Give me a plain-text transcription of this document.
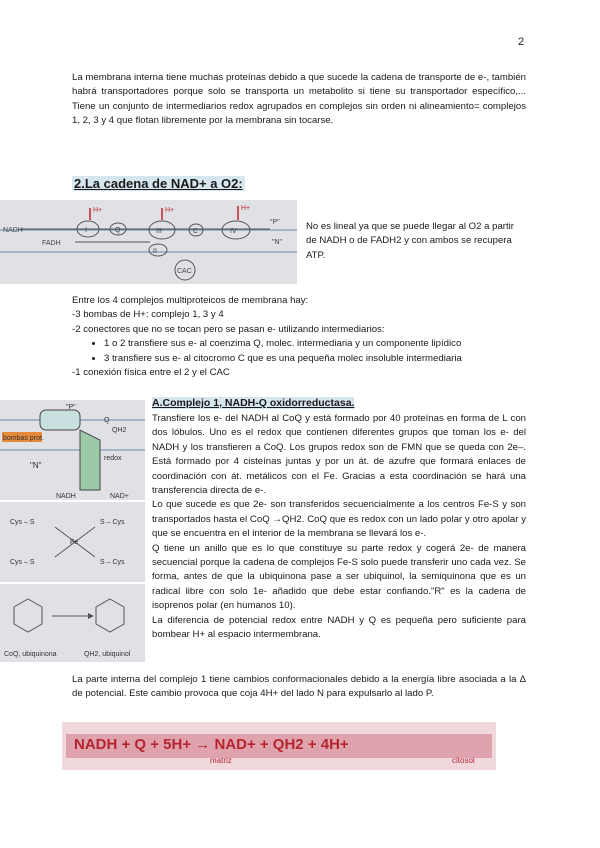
2
La membrana interna tiene muchas proteínas debido a que sucede la cadena de transporte de e-, también habrá transportadores porque solo se transporta un metabolito si tiene su transportador específico,... Tiene un conjunto de intermediarios redox agrupados en complejos sin orden ni alineamiento= complejos 1, 2, 3 y 4 que flotan libremente por la membrana sin tocarse.
2.La cadena de NAD+ a O2:
NADH
FADH
"P"
"N"
H+	H+	H+
I	Q	III
II
C	IV
CAC
No es lineal ya que se puede llegar al O2 a partir de NADH o de FADH2 y con ambos se recupera ATP.
Entre los 4 complejos multiproteicos de membrana hay:
-3 bombas de H+: complejo 1, 3 y 4
-2 conectores que no se tocan pero se pasan e- utilizando intermediarios:
• 1 o 2 transfiere sus e- al coenzima Q, molec. intermediaria y un componente lipídico
• 3 transfiere sus e- al citocromo C que es una pequeña molec insoluble intermediaria
-1 conexión física entre el 2 y el CAC
"P"
"N"
bombas prot.
redox
Q
QH2
NADH	NAD+
Cys – S	S – Cys
Cys – S	S – Cys
Fe
CoQ, ubiquinona	QH2, ubiquinol
A.Complejo 1, NADH-Q oxidorreductasa.
Transfiere los e- del NADH al CoQ y está formado por 40 proteínas en forma de L con dos lóbulos. Uno es el redox que contienen diferentes grupos que toman los e- del NADH y los transfieren a CoQ. Los grupos redox son de FMN que se queda con 2e–. Está formado por 4 cisteínas juntas y por un át. de azufre que formará enlaces de coordinación con át. metálicos con el Fe. Gracias a esta coordinación se hará una transferencia directa de e-.
Lo que sucede es que 2e- son transferidos secuencialmente a los centros Fe-S y son transportados hasta el CoQ →QH2. CoQ que es redox con un lado polar y otro apolar y que se encuentra en el interior de la membrana se llevará los e-.
Q tiene un anillo que es lo que constituye su parte redox y cogerá 2e- de manera secuencial porque la cadena de complejos Fe-S solo puede transferir uno cada vez. Se forma, antes de que la ubiquinona pase a ser ubiquinol, la semiquinona que es un radical libre con solo 1e- añadido que debe estar confiando."R" es la cadena de isoprenos polar (en humanos 10).
La diferencia de potencial redox entre NADH y Q es pequeña pero suficiente para bombear H+ al espacio intermembrana.
La parte interna del complejo 1 tiene cambios conformacionales debido a la energía libre asociada a la Δ de potencial. Este cambio provoca que coja 4H+ del lado N para expulsarlo al lado P.
NADH + Q + 5H+ → NAD+ + QH2 + 4H+
matriz	citosol
